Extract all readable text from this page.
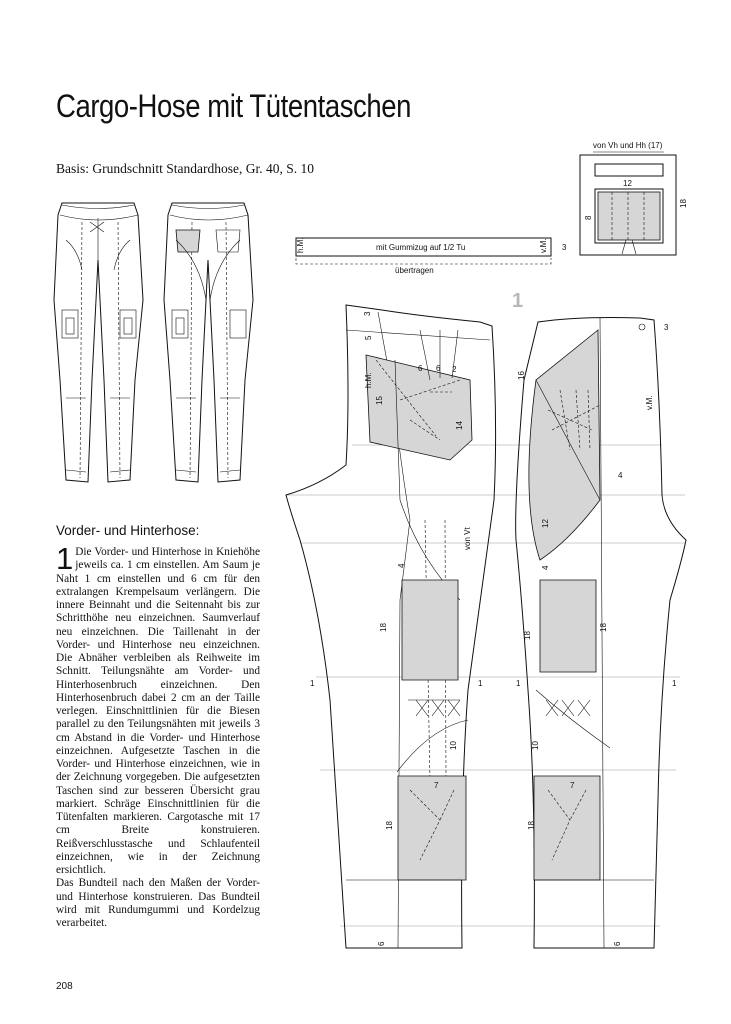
Cargo-Hose mit Tütentaschen
Basis: Grundschnitt Standardhose, Gr. 40, S. 10
Vorder- und Hinterhose:
1 Die Vorder- und Hinterhose in Kniehöhe jeweils ca. 1 cm einstellen. Am Saum je Naht 1 cm einstellen und 6 cm für den extralangen Krempelsaum verlängern. Die innere Beinnaht und die Seitennaht bis zur Schritthöhe neu einzeichnen. Saumverlauf neu einzeichnen. Die Taillenaht in der Vorder- und Hinterhose neu einzeichnen. Die Abnäher verbleiben als Reihweite im Schnitt. Teilungsnähte am Vorder- und Hinterhosenbruch einzeichnen. Den Hinterhosenbruch dabei 2 cm an der Taille verlegen. Einschnittlinien für die Biesen parallel zu den Teilungsnähten mit jeweils 3 cm Abstand in die Vorder- und Hinterhose einzeichnen. Aufgesetzte Taschen in die Vorder- und Hinterhose einzeichnen, wie in der Zeichnung vorgegeben. Die aufgesetzten Taschen sind zur besseren Übersicht grau markiert. Schräge Einschnittlinien für die Tütenfalten markieren. Cargotasche mit 17 cm Breite konstruieren. Reißverschlusstasche und Schlaufenteil einzeichnen, wie in der Zeichnung ersichtlich.
Das Bundteil nach den Maßen der Vorder- und Hinterhose konstruieren. Das Bundteil wird mit Rundumgummi und Kordelzug verarbeitet.
208
h.M.	v.M.
mit Gummizug auf 1/2 Tu	3
übertragen
von Vh und Hh (17)
12
8
18
1
3
5
h.M.
15
14
2
6 6
18
18
4
von Vt
7
10
1	1
6
3
v.M.
16
12
4
4
18
18
18
7
10
1	1
6
